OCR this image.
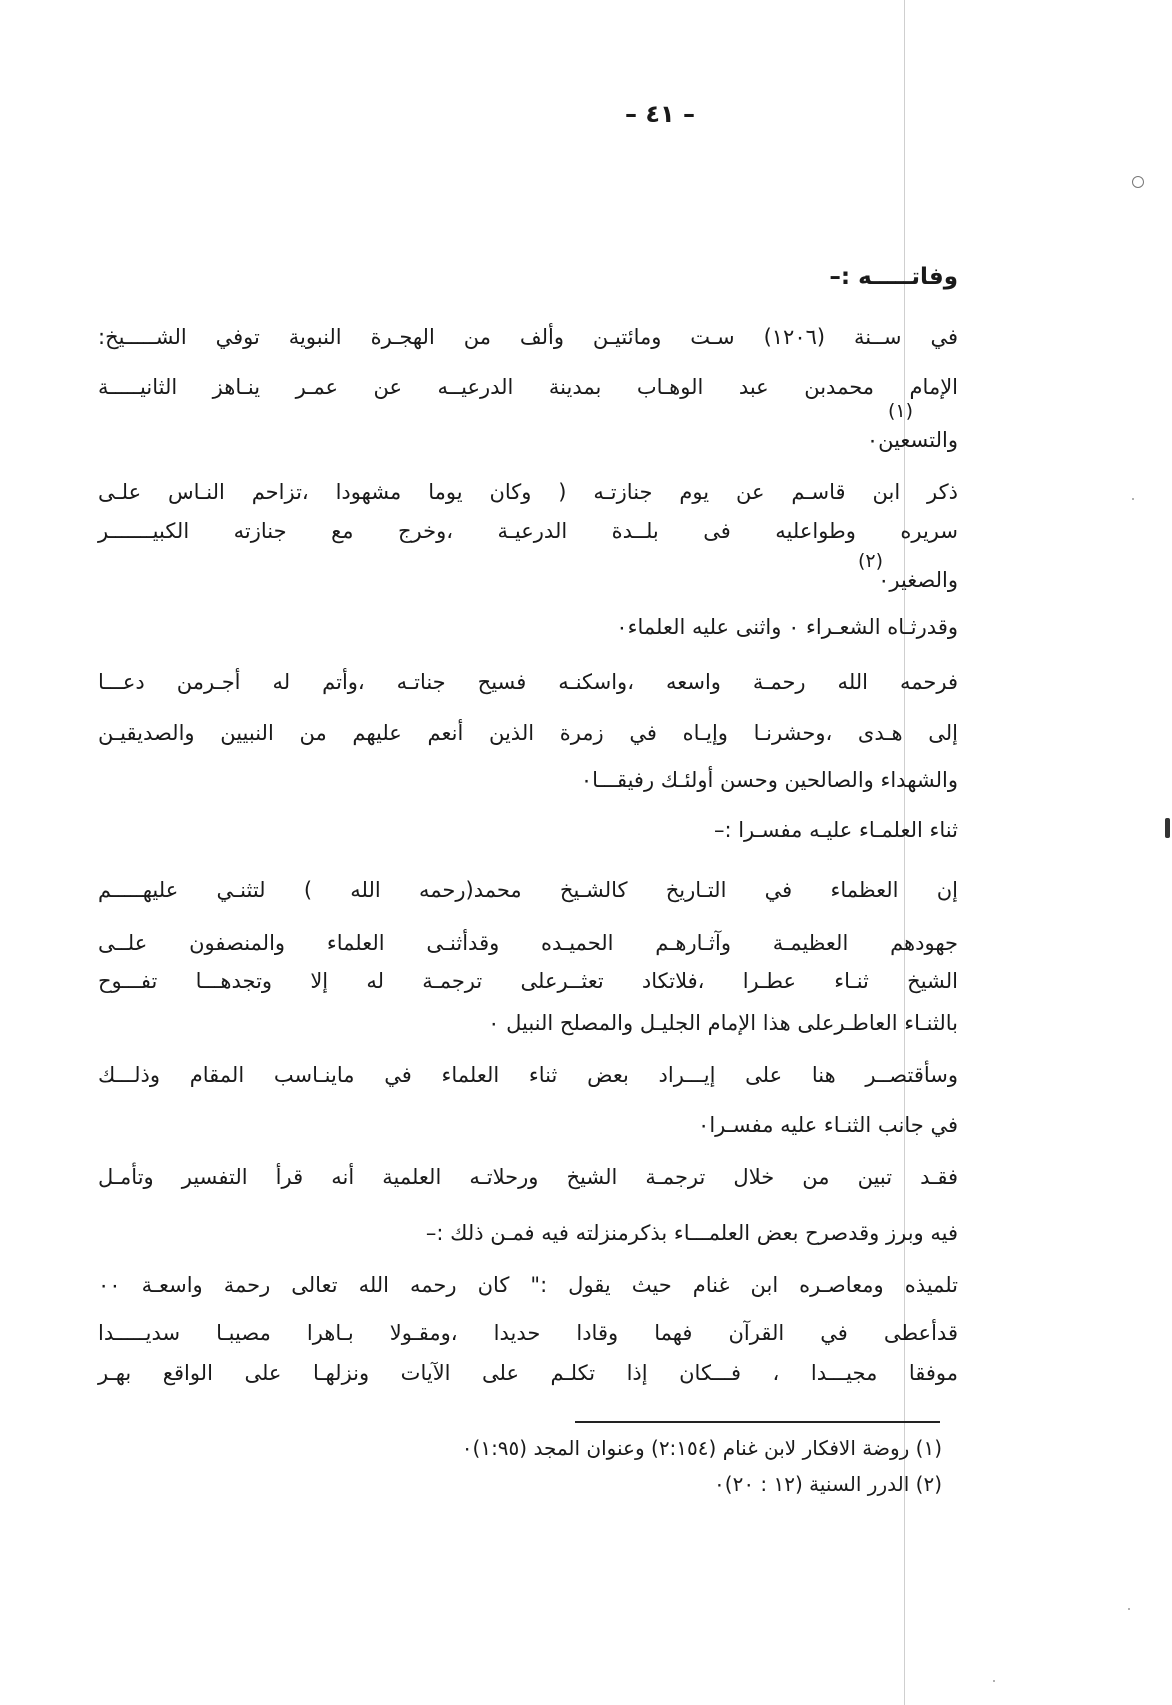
– ٤١ –
وفاتـــــه :–
في ســنة (١٢٠٦) سـت ومائتيـن وألف من الهجـرة النبوية توفي الشـــــيخ:
الإمام محمدبن عبد الوهـاب بمدينة الدرعيــه عن عمـر ينـاهز الثانيـــــة
(١)
والتسعين٠
ذكر ابن قاسـم عن يوم جنازتـه ( وكان يوما مشهودا ،تزاحم النـاس علـى
سريره وطواعليه فى بلــدة الدرعيـة ،وخرج مع جنازته الكبيـــــــر
(٢)
والصغير٠
وقدرثـاه الشعـراء ٠ واثنى عليه العلماء٠
فرحمه الله رحمـة واسعه ،واسكنـه فسيح جناتـه ،وأتم له أجـرمن دعـــا
إلى هـدى ،وحشرنـا وإيـاه في زمرة الذين أنعم عليهم من النبيين والصديقيـن
والشهداء والصالحين وحسن أولئـك رفيقـــا٠
ثناء العلمـاء عليـه مفسـرا :–
إن العظماء في التـاريخ كالشـيخ محمد(رحمه الله ) لتثنـي عليهـــــم
جهودهم العظيمـة وآثـارهـم الحميـده وقدأثنـى العلماء والمنصفون علــى
الشيخ ثنـاء عطـرا ،فلاتكاد تعثــرعلى ترجمـة له إلا وتجدهـــا تفـــوح
بالثنـاء العاطـرعلى هذا الإمام الجليـل والمصلح النبيل ٠
وسأقتصــر هنا على إيـــراد بعض ثناء العلماء في ماينـاسب المقام وذلـــك
في جانب الثنـاء عليه مفسـرا٠
فقـد تبين من خلال ترجمـة الشيخ ورحلاتـه العلمية أنه قرأ التفسير وتأمـل
فيه وبرز وقدصرح بعض العلمـــاء بذكرمنزلته فيه فمـن ذلك :–
تلميذه ومعاصـره ابن غنام حيث يقول :" كان رحمه الله تعالى رحمة واسعـة ٠٠
قدأعطى في القرآن فهما وقادا حديدا ،ومقـولا بـاهرا مصيبـا سديـــــدا
موفقا مجيـــدا ، فـــكان إذا تكلـم على الآيات ونزلهـا على الواقع بهـر
(١) روضة الافكار لابن غنام (٢:١٥٤) وعنوان المجد (١:٩٥)٠
(٢) الدرر السنية (١٢ : ٢٠)٠
